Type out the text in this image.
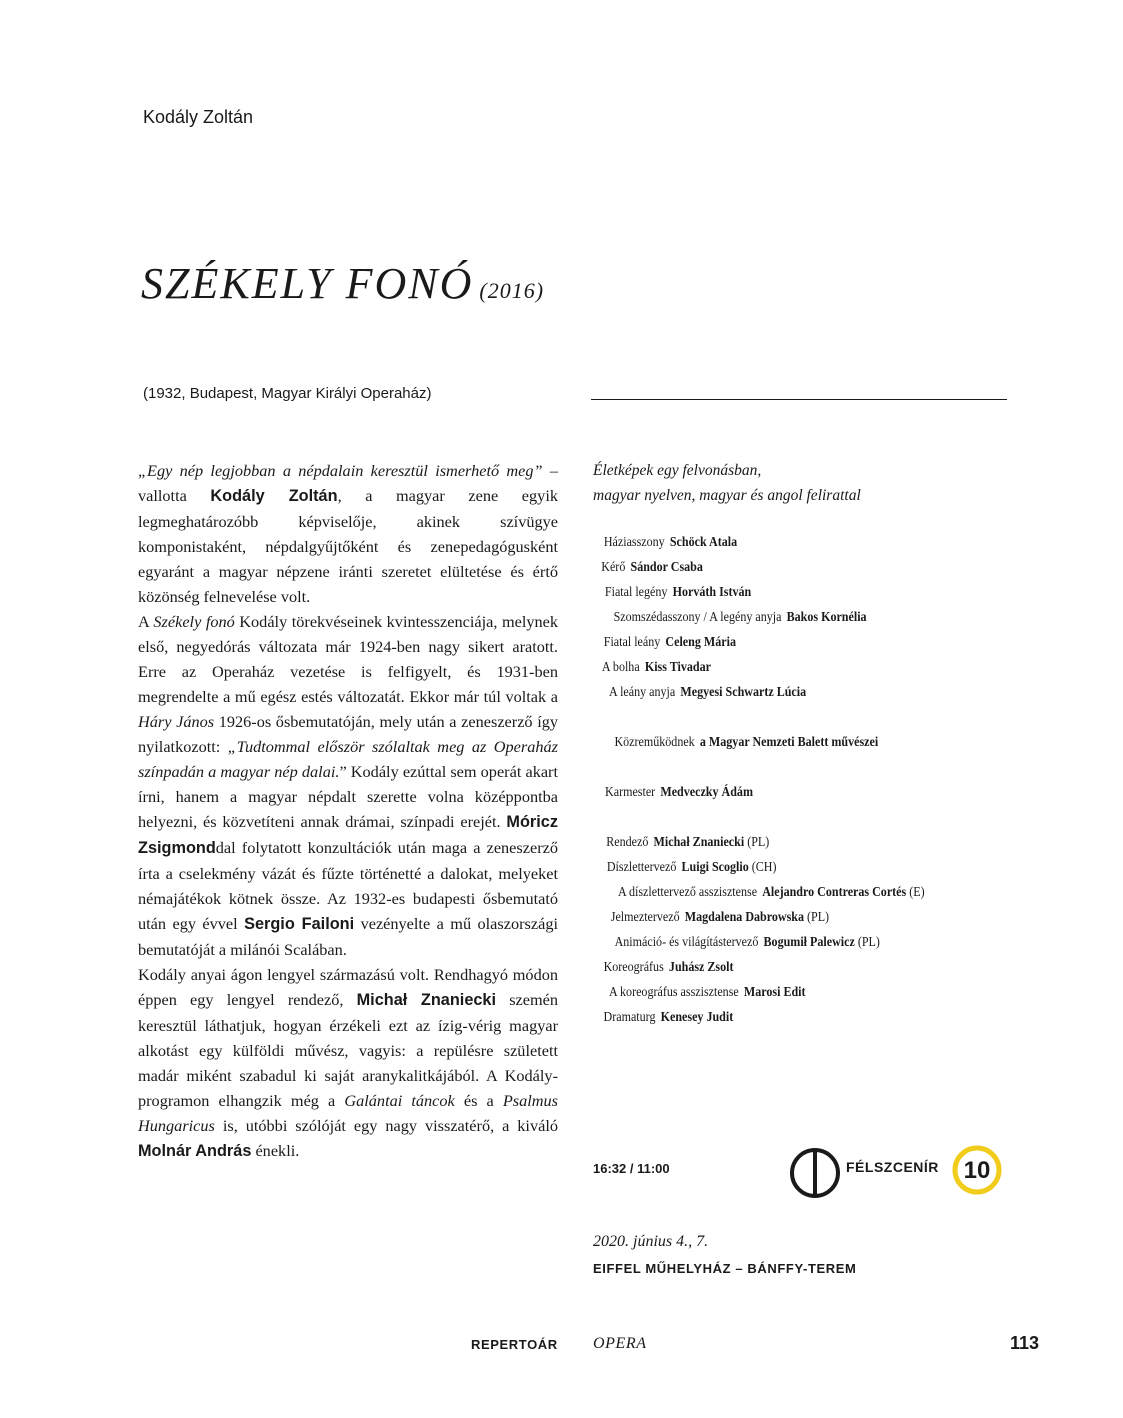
Kodály Zoltán
SZÉKELY FONÓ (2016)
(1932, Budapest, Magyar Királyi Operaház)

„Egy nép legjobban a népdalain keresztül ismerhető meg” – vallotta Kodály Zoltán, a magyar zene egyik legmeghatározóbb képviselője, akinek szívügye komponistaként, népdalgyűjtőként és zenepedagógusként egyaránt a magyar népzene iránti szeretet elültetése és értő közönség felnevelése volt.

A Székely fonó Kodály törekvéseinek kvintesszenciája, melynek első, negyedórás változata már 1924-ben nagy sikert aratott. Erre az Operaház vezetése is felfigyelt, és 1931-ben megrendelte a mű egész estés változatát. Ekkor már túl voltak a Háry János 1926-os ősbemutatóján, mely után a zeneszerző így nyilatkozott: „Tudtommal először szólaltak meg az Operaház színpadán a magyar nép dalai.” Kodály ezúttal sem operát akart írni, hanem a magyar népdalt szerette volna középpontba helyezni, és közvetíteni annak drámai, színpadi erejét. Móricz Zsigmonddal folytatott konzultációk után maga a zeneszerző írta a cselekmény vázát és fűzte történetté a dalokat, melyeket némajátékok kötnek össze. Az 1932-es budapesti ősbemutató után egy évvel Sergio Failoni vezényelte a mű olaszországi bemutatóját a milánói Scalában.

Kodály anyai ágon lengyel származású volt. Rendhagyó módon éppen egy lengyel rendező, Michał Znaniecki szemén keresztül láthatjuk, hogyan érzékeli ezt az ízig-vérig magyar alkotást egy külföldi művész, vagyis: a repülésre született madár miként szabadul ki saját aranykalitkájából. A Kodály-programon elhangzik még a Galántai táncok és a Psalmus Hungaricus is, utóbbi szólóját egy nagy visszatérő, a kiváló Molnár András énekli.

Életképek egy felvonásban,
magyar nyelven, magyar és angol felirattal
Háziasszony Schöck Atala
Kérő Sándor Csaba
Fiatal legény Horváth István
Szomszédasszony / A legény anyja Bakos Kornélia
Fiatal leány Celeng Mária
A bolha Kiss Tivadar
A leány anyja Megyesi Schwartz Lúcia
Közreműködnek a Magyar Nemzeti Balett művészei
Karmester Medveczky Ádám
Rendező Michał Znaniecki (PL)
Díszlettervező Luigi Scoglio (CH)
A díszlettervező asszisztense Alejandro Contreras Cortés (E)
Jelmeztervező Magdalena Dabrowska (PL)
Animáció- és világítástervező Bogumił Palewicz (PL)
Koreográfus Juhász Zsolt
A koreográfus asszisztense Marosi Edit
Dramaturg Kenesey Judit
16:32 / 11:00	FÉLSZCENÍR 10
2020. június 4., 7.
EIFFEL MŰHELYHÁZ – BÁNFFY-TEREM
REPERTOÁR OPERA	113
